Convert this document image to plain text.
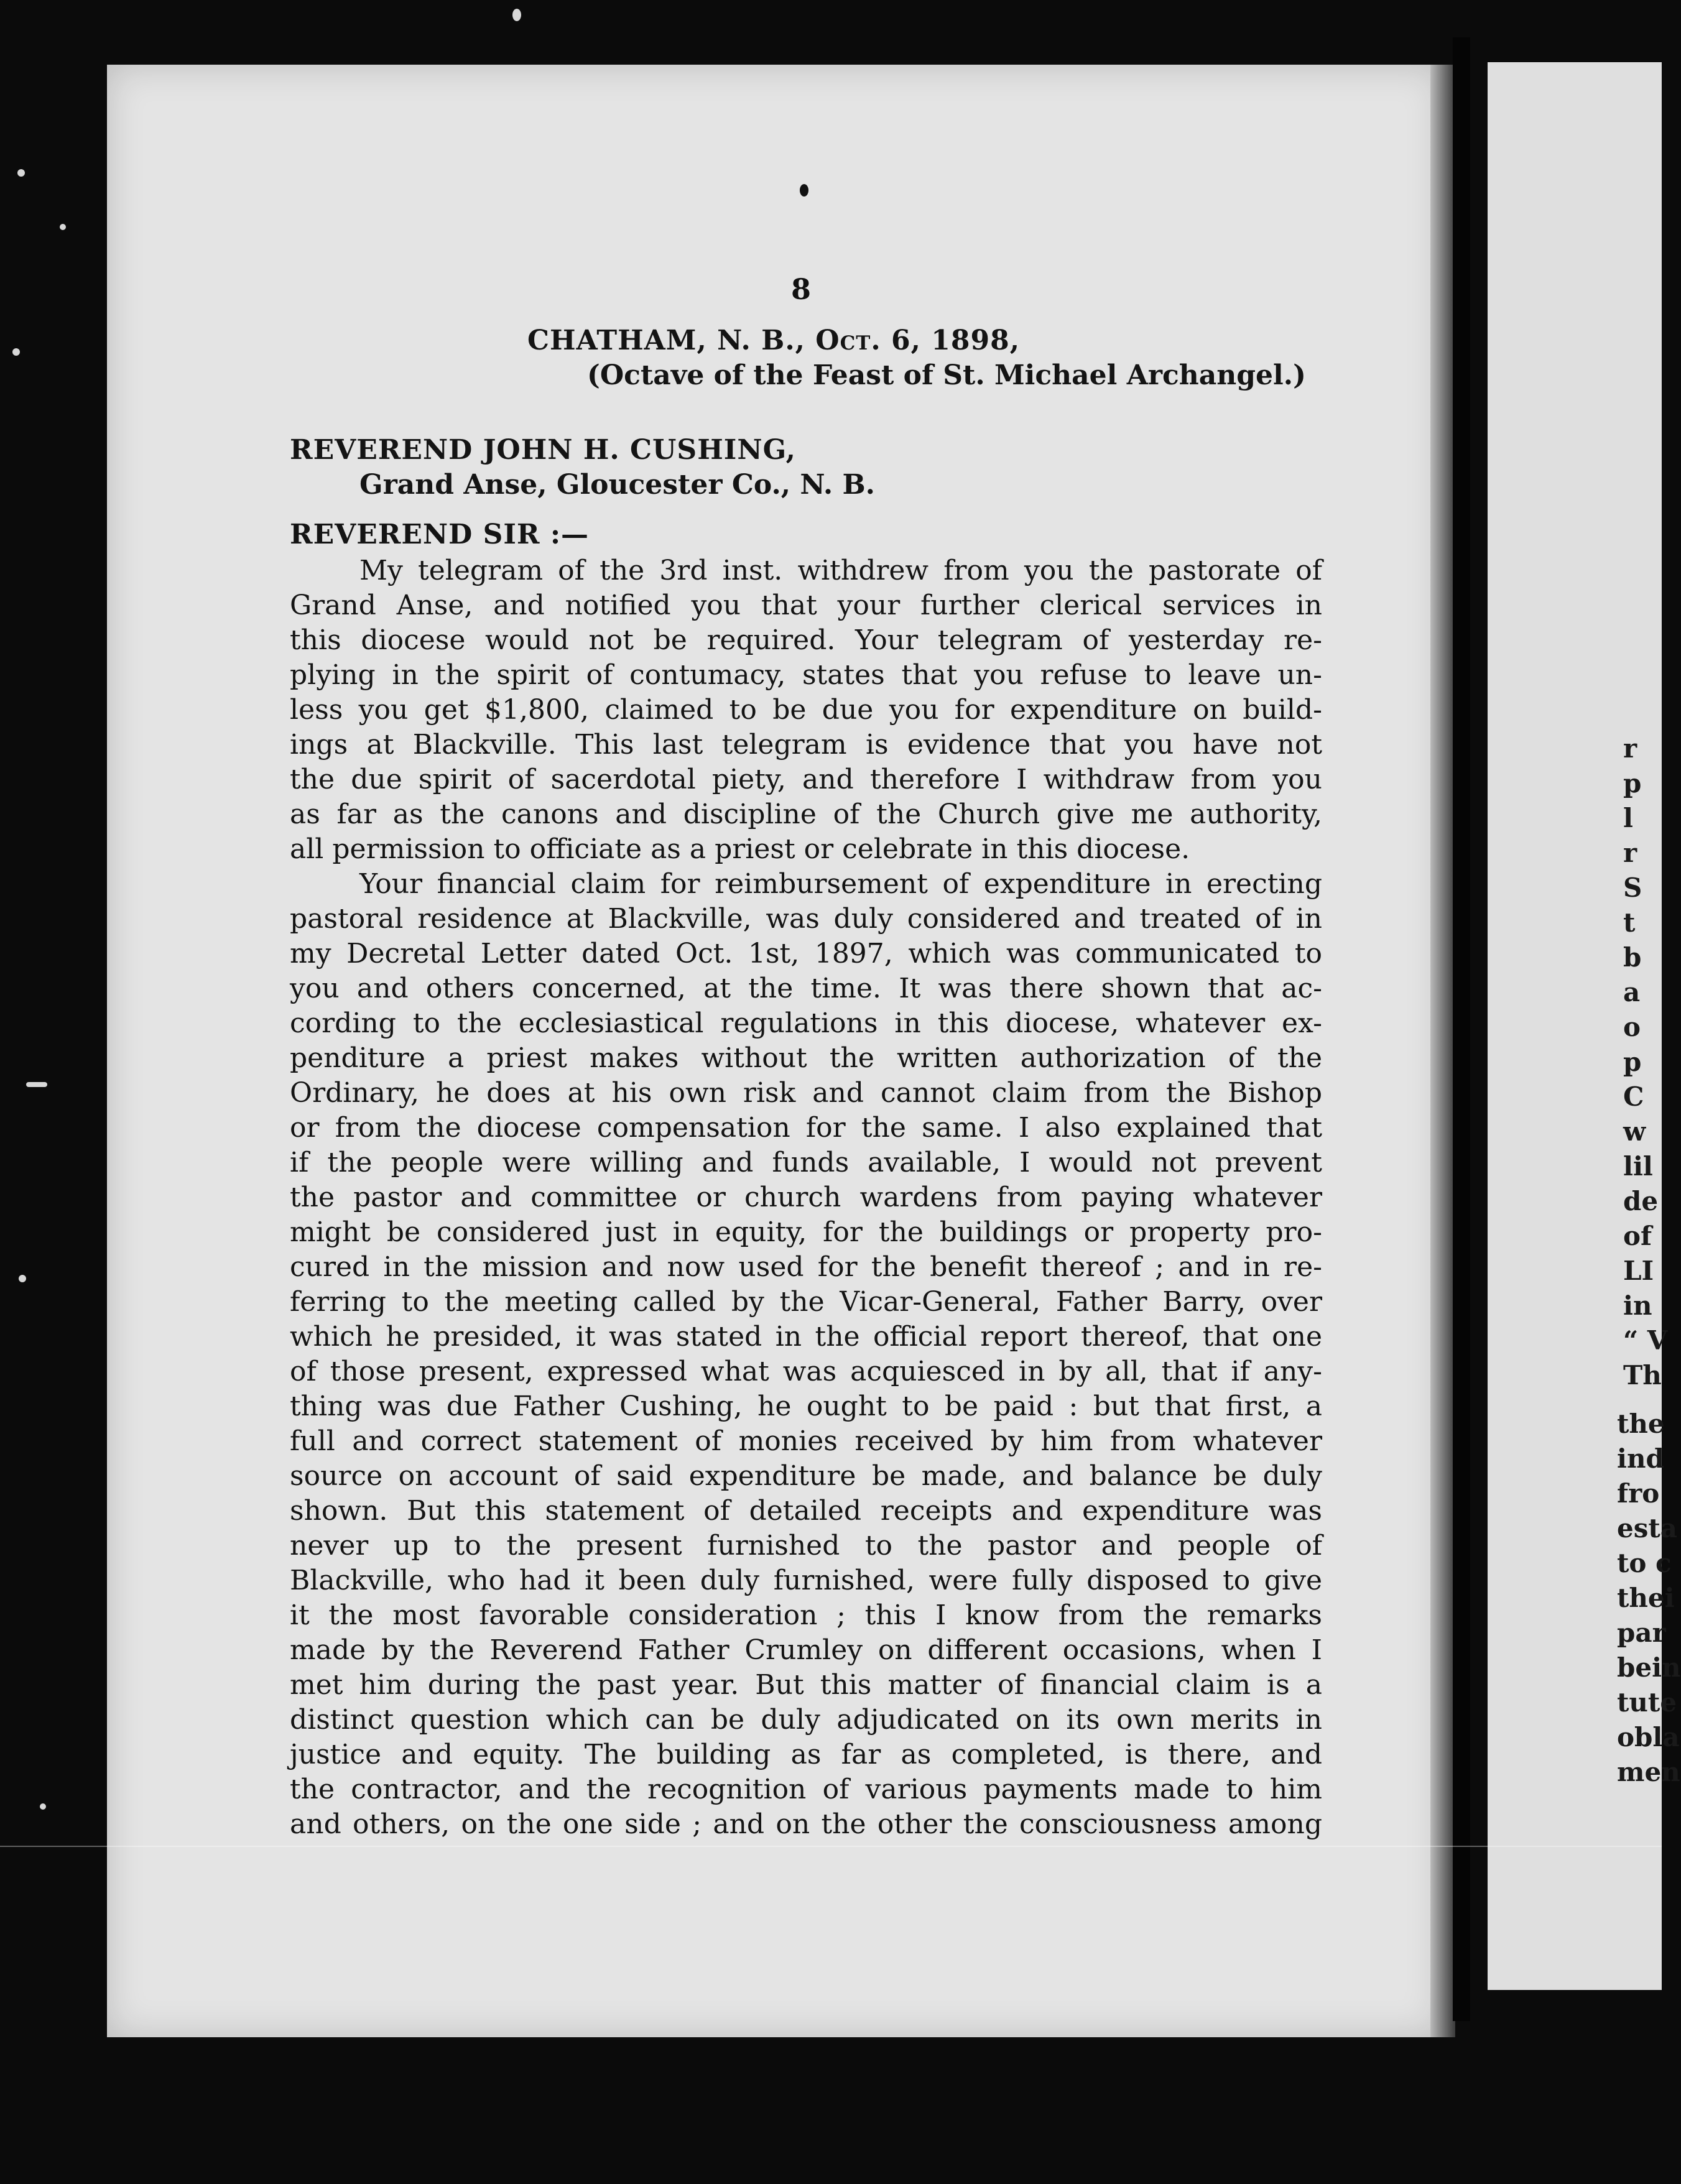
8
CHATHAM, N. B., Oct. 6, 1898,
(Octave of the Feast of St. Michael Archangel.)
REVEREND JOHN H. CUSHING,
Grand Anse, Gloucester Co., N. B.
REVEREND SIR :—
My telegram of the 3rd inst. withdrew from you the pastorate of
Grand Anse, and notified you that your further clerical services in
this diocese would not be required. Your telegram of yesterday re-
plying in the spirit of contumacy, states that you refuse to leave un-
less you get $1,800, claimed to be due you for expenditure on build-
ings at Blackville. This last telegram is evidence that you have not
the due spirit of sacerdotal piety, and therefore I withdraw from you
as far as the canons and discipline of the Church give me authority,
all permission to officiate as a priest or celebrate in this diocese.
Your financial claim for reimbursement of expenditure in erecting
pastoral residence at Blackville, was duly considered and treated of in
my Decretal Letter dated Oct. 1st, 1897, which was communicated to
you and others concerned, at the time. It was there shown that ac-
cording to the ecclesiastical regulations in this diocese, whatever ex-
penditure a priest makes without the written authorization of the
Ordinary, he does at his own risk and cannot claim from the Bishop
or from the diocese compensation for the same. I also explained that
if the people were willing and funds available, I would not prevent
the pastor and committee or church wardens from paying whatever
might be considered just in equity, for the buildings or property pro-
cured in the mission and now used for the benefit thereof ; and in re-
ferring to the meeting called by the Vicar-General, Father Barry, over
which he presided, it was stated in the official report thereof, that one
of those present, expressed what was acquiesced in by all, that if any-
thing was due Father Cushing, he ought to be paid : but that first, a
full and correct statement of monies received by him from whatever
source on account of said expenditure be made, and balance be duly
shown. But this statement of detailed receipts and expenditure was
never up to the present furnished to the pastor and people of
Blackville, who had it been duly furnished, were fully disposed to give
it the most favorable consideration ; this I know from the remarks
made by the Reverend Father Crumley on different occasions, when I
met him during the past year. But this matter of financial claim is a
distinct question which can be duly adjudicated on its own merits in
justice and equity. The building as far as completed, is there, and
the contractor, and the recognition of various payments made to him
and others, on the one side ; and on the other the consciousness among
r
p
l
r
S
t
b
a
o
p
C
w
lil
de
of
LI
in
“ V
Th
the
ind
fro
esta
to c
thei
par
bein
tute
obla
men
